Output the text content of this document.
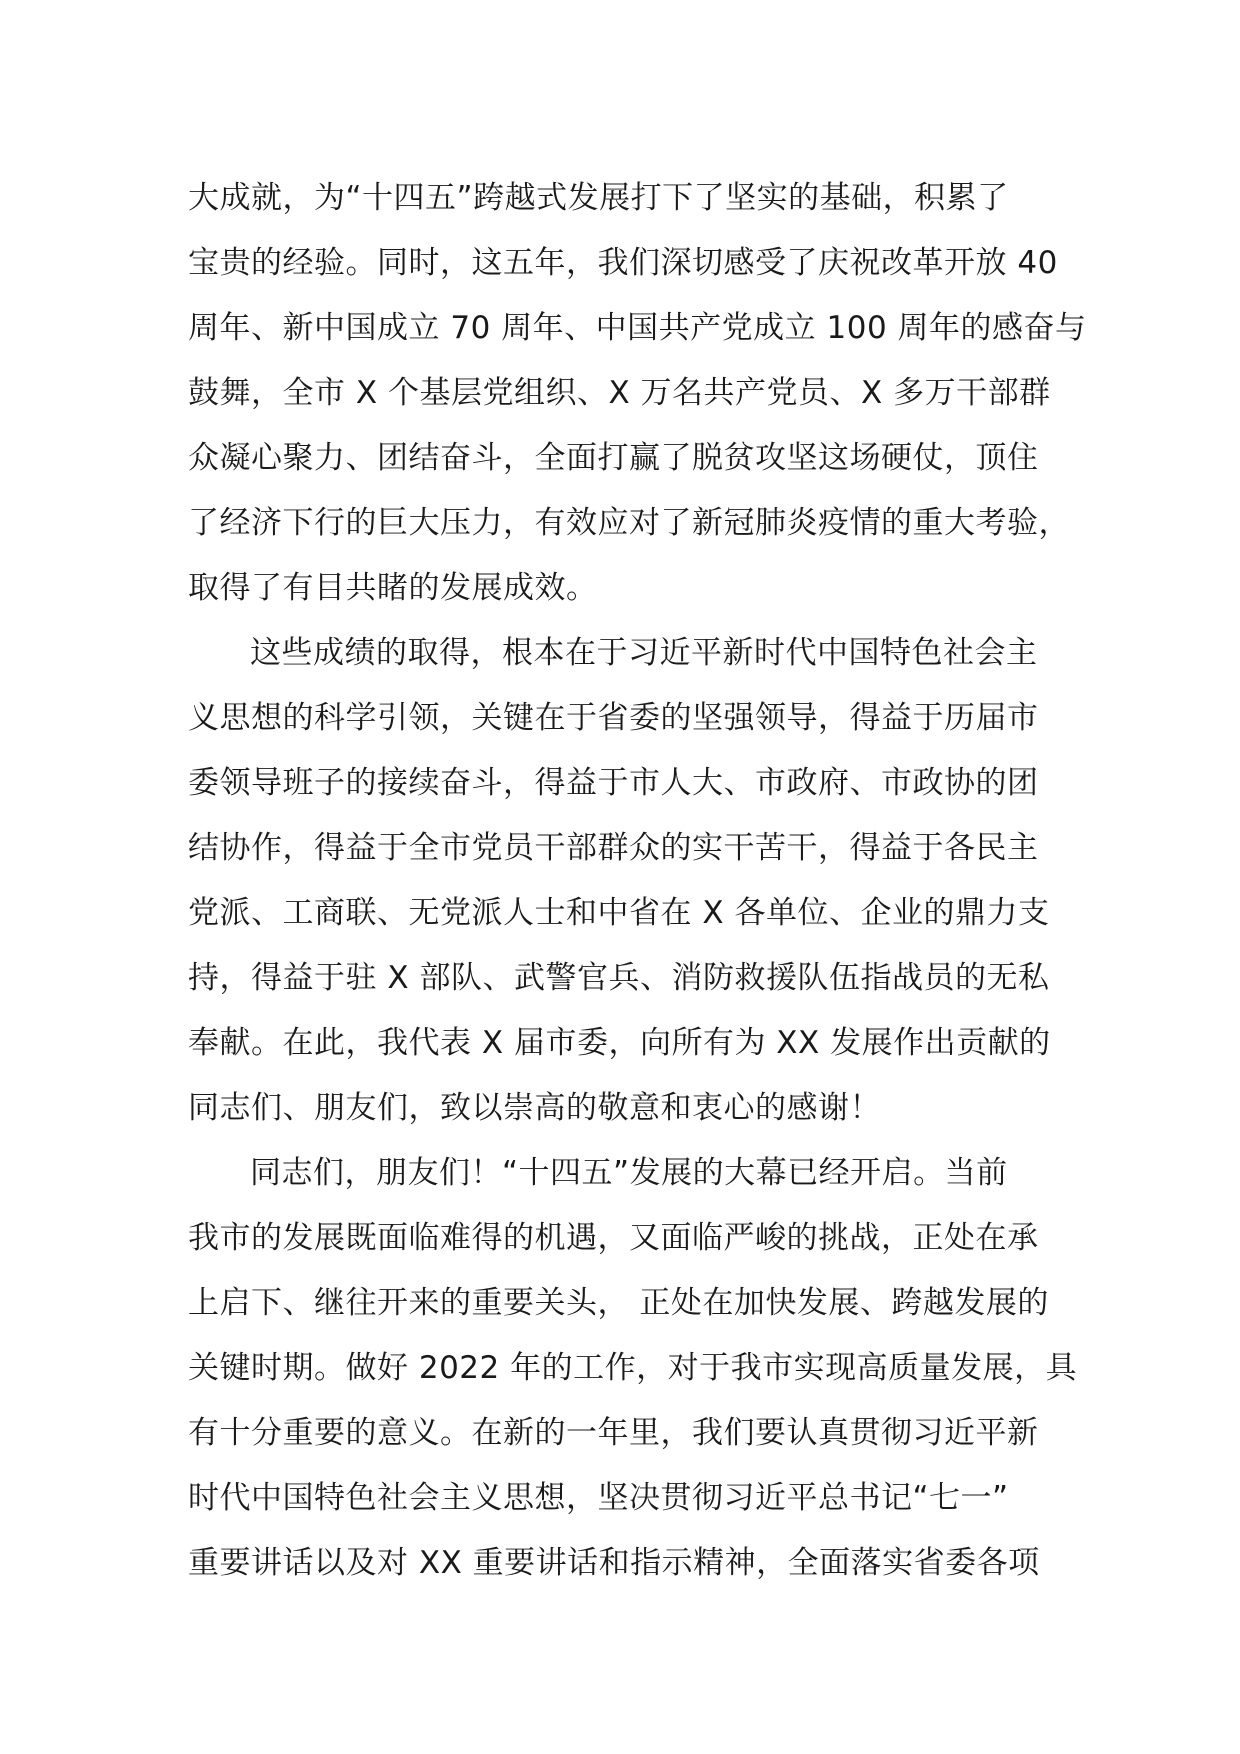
大成就，为“十四五”跨越式发展打下了坚实的基础，积累了
宝贵的经验。同时，这五年，我们深切感受了庆祝改革开放 40
周年、新中国成立 70 周年、中国共产党成立 100 周年的感奋与
鼓舞，全市 X 个基层党组织、X 万名共产党员、X 多万干部群
众凝心聚力、团结奋斗，全面打赢了脱贫攻坚这场硬仗，顶住
了经济下行的巨大压力，有效应对了新冠肺炎疫情的重大考验，
取得了有目共睹的发展成效。
这些成绩的取得，根本在于习近平新时代中国特色社会主
义思想的科学引领，关键在于省委的坚强领导，得益于历届市
委领导班子的接续奋斗，得益于市人大、市政府、市政协的团
结协作，得益于全市党员干部群众的实干苦干，得益于各民主
党派、工商联、无党派人士和中省在 X 各单位、企业的鼎力支
持，得益于驻 X 部队、武警官兵、消防救援队伍指战员的无私
奉献。在此，我代表 X 届市委，向所有为 XX 发展作出贡献的
同志们、朋友们，致以崇高的敬意和衷心的感谢！
同志们，朋友们！“十四五”发展的大幕已经开启。当前
我市的发展既面临难得的机遇，又面临严峻的挑战，正处在承
上启下、继往开来的重要关头， 正处在加快发展、跨越发展的
关键时期。做好 2022 年的工作，对于我市实现高质量发展，具
有十分重要的意义。在新的一年里，我们要认真贯彻习近平新
时代中国特色社会主义思想，坚决贯彻习近平总书记“七一”
重要讲话以及对 XX 重要讲话和指示精神，全面落实省委各项
